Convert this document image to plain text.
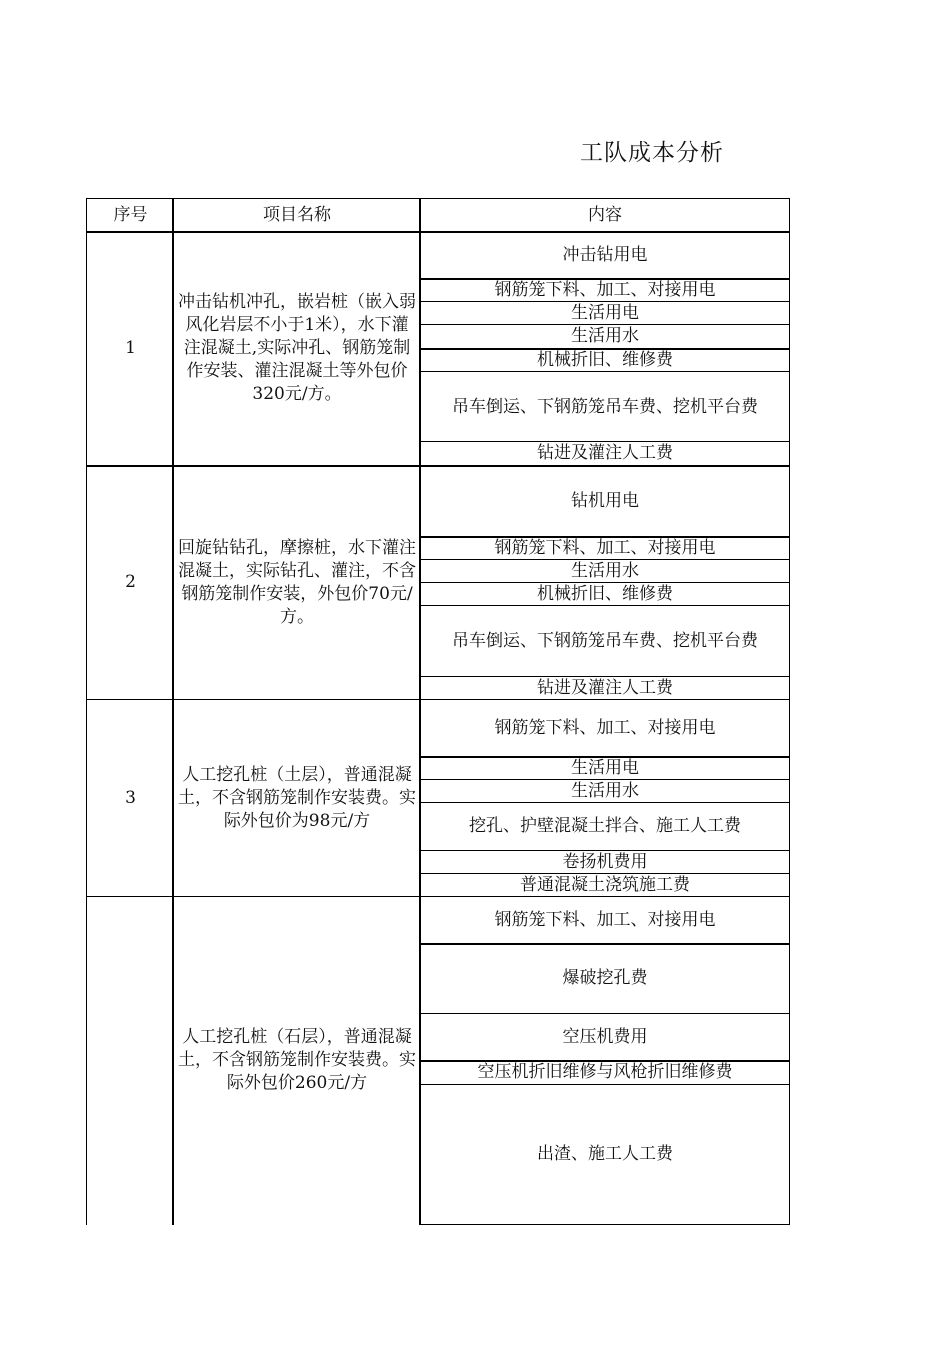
工队成本分析
序号	项目名称	内容
1
冲击钻机冲孔，嵌岩桩（嵌入弱风化岩层不小于1米），水下灌注混凝土,实际冲孔、钢筋笼制作安装、灌注混凝土等外包价320元/方。
冲击钻用电
钢筋笼下料、加工、对接用电
生活用电
生活用水
机械折旧、维修费
吊车倒运、下钢筋笼吊车费、挖机平台费
钻进及灌注人工费
2
回旋钻钻孔，摩擦桩，水下灌注混凝土，实际钻孔、灌注，不含钢筋笼制作安装，外包价70元/方。
钻机用电
钢筋笼下料、加工、对接用电
生活用水
机械折旧、维修费
吊车倒运、下钢筋笼吊车费、挖机平台费
钻进及灌注人工费
3
人工挖孔桩（土层），普通混凝土，不含钢筋笼制作安装费。实际外包价为98元/方
钢筋笼下料、加工、对接用电
生活用电
生活用水
挖孔、护壁混凝土拌合、施工人工费
卷扬机费用
普通混凝土浇筑施工费
人工挖孔桩（石层），普通混凝土，不含钢筋笼制作安装费。实际外包价260元/方
钢筋笼下料、加工、对接用电
爆破挖孔费
空压机费用
空压机折旧维修与风枪折旧维修费
出渣、施工人工费
